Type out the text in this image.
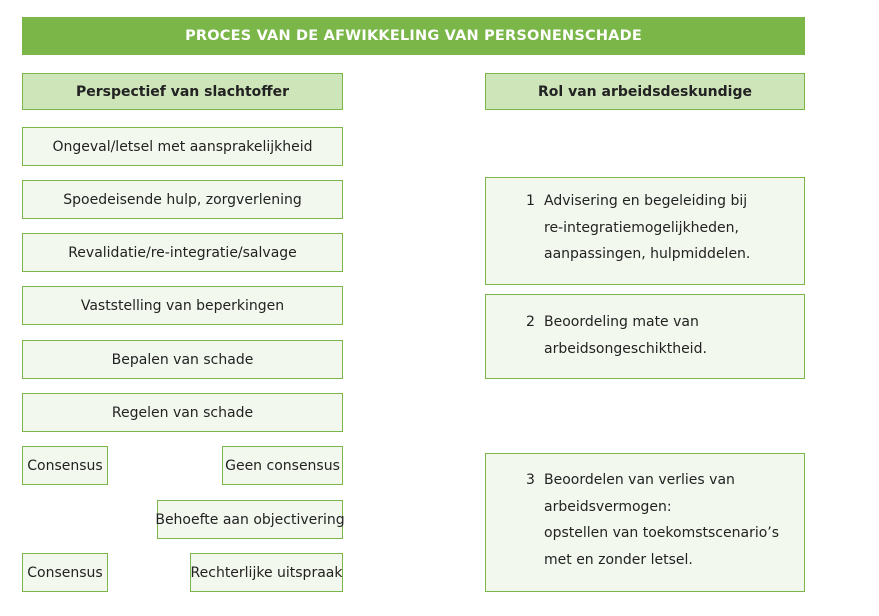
PROCES VAN DE AFWIKKELING VAN PERSONENSCHADE
Perspectief van slachtoffer	Rol van arbeidsdeskundige
Ongeval/letsel met aansprakelijkheid
Spoedeisende hulp, zorgverlening
Revalidatie/re-integratie/salvage
Vaststelling van beperkingen
Bepalen van schade
Regelen van schade
Consensus	Geen consensus
Behoefte aan objectivering
Consensus	Rechterlijke uitspraak
1 Advisering en begeleiding bij
re-integratiemogelijkheden,
aanpassingen, hulpmiddelen.
2 Beoordeling mate van
arbeidsongeschiktheid.
3 Beoordelen van verlies van
arbeidsvermogen:
opstellen van toekomstscenario’s
met en zonder letsel.
